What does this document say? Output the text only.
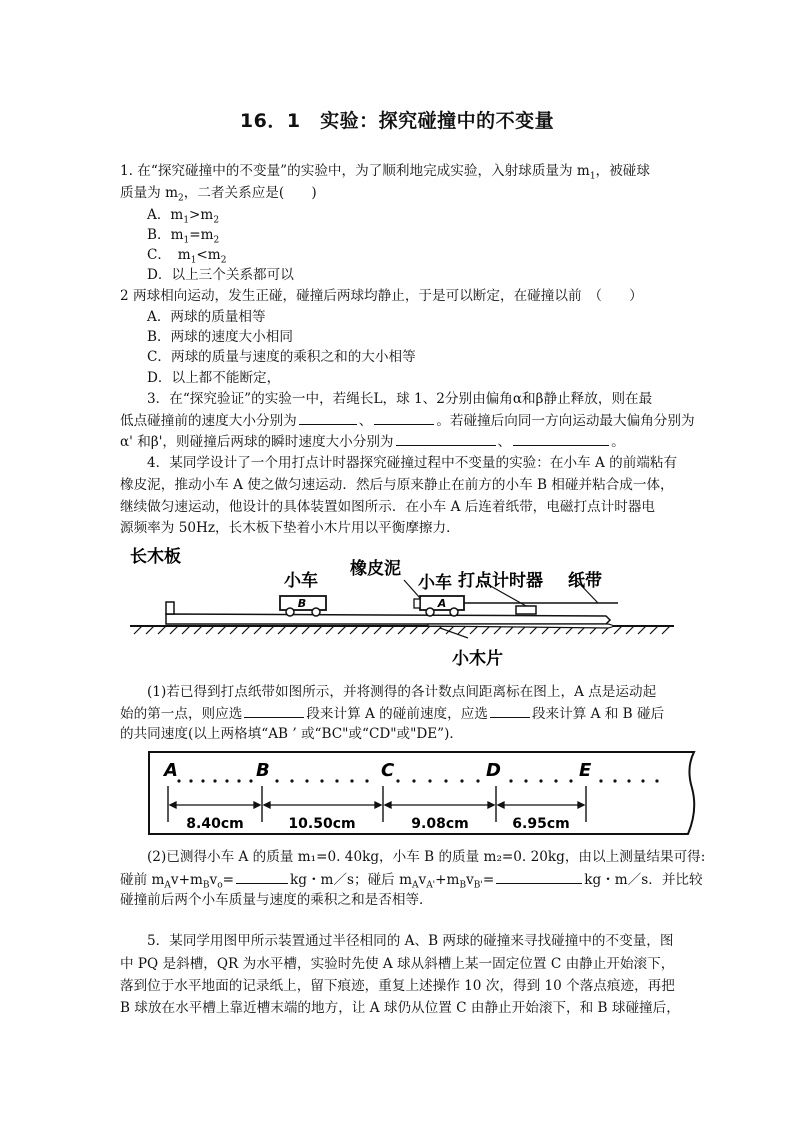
16．1　实验：探究碰撞中的不变量
1. 在“探究碰撞中的不变量”的实验中，为了顺利地完成实验，入射球质量为 $m_1$，被碰球
质量为 $m_2$，二者关系应是(　　)
A．$m_1>m_2$
B．$m_1=m_2$
C．　$m_1<m_2$
D．以上三个关系都可以
2 两球相向运动，发生正碰，碰撞后两球均静止，于是可以断定，在碰撞以前　（　　）
A．两球的质量相等
B．两球的速度大小相同
C．两球的质量与速度的乘积之和的大小相等
D．以上都不能断定，
3．在“探究验证”的实验一中，若绳长L，球 1、2分别由偏角α和β静止释放，则在最
低点碰撞前的速度大小分别为	、	。若碰撞后向同一方向运动最大偏角分别为
α' 和β'，则碰撞后两球的瞬时速度大小分别为	、	。
4．某同学设计了一个用打点计时器探究碰撞过程中不变量的实验：在小车 A 的前端粘有
橡皮泥，推动小车 A 使之做匀速运动．然后与原来静止在前方的小车 B 相碰并粘合成一体，
继续做匀速运动，他设计的具体装置如图所示．在小车 A 后连着纸带，电磁打点计时器电
源频率为 50Hz，长木板下垫着小木片用以平衡摩擦力．
B	A
长木板
小车
橡皮泥
小车 打点计时器 纸带
小木片
(1)若已得到打点纸带如图所示，并将测得的各计数点间距离标在图上，A 点是运动起
始的第一点，则应选	段来计算 A 的碰前速度，应选	段来计算 A 和 B 碰后
的共同速度(以上两格填“AB ’ 或“BC"或“CD"或"DE”)．
A	B	C	D	E
8.40cm	10.50cm	9.08cm	6.95cm
(2)已测得小车 A 的质量 m₁=0. 40kg，小车 B 的质量 m₂=0. 20kg，由以上测量结果可得:
碰前 $m_Av+m_Bv_o=$	kg・m／s；碰后 $m_Av_{A'}+m_Bv_{B'}=$	kg・m／s．并比较
碰撞前后两个小车质量与速度的乘积之和是否相等．
5．某同学用图甲所示装置通过半径相同的 A、B 两球的碰撞来寻找碰撞中的不变量，图
中 PQ 是斜槽，QR 为水平槽，实验时先使 A 球从斜槽上某一固定位置 C 由静止开始滚下，
落到位于水平地面的记录纸上，留下痕迹，重复上述操作 10 次，得到 10 个落点痕迹，再把
B 球放在水平槽上靠近槽末端的地方，让 A 球仍从位置 C 由静止开始滚下，和 B 球碰撞后，
